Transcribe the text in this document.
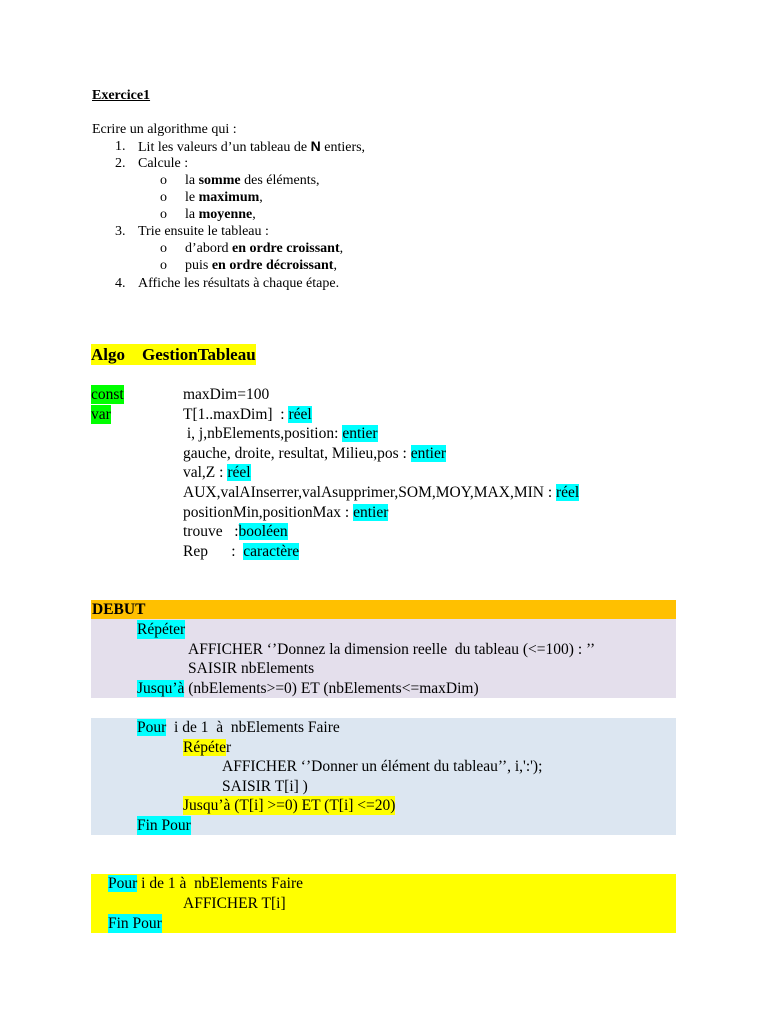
Exercice1
Ecrire un algorithme qui :
1. Lit les valeurs d’un tableau de N entiers,
2. Calcule :
o la somme des éléments,
o le maximum,
o la moyenne,
3. Trie ensuite le tableau :
o d’abord en ordre croissant,
o puis en ordre décroissant,
4. Affiche les résultats à chaque étape.
Algo    GestionTableau
const	maxDim=100
var	T[1..maxDim]  : réel
i, j,nbElements,position: entier
gauche, droite, resultat, Milieu,pos : entier
val,Z : réel
AUX,valAInserrer,valAsupprimer,SOM,MOY,MAX,MIN : réel
positionMin,positionMax : entier
trouve   :booléen
Rep      :  caractère
DEBUT
Répéter
AFFICHER ‘’Donnez la dimension reelle  du tableau (<=100) : ’’
SAISIR nbElements
Jusqu’à (nbElements>=0) ET (nbElements<=maxDim)
Pour  i de 1  à  nbElements Faire
Répéter
AFFICHER ‘’Donner un élément du tableau’’, i,':');
SAISIR T[i] )
Jusqu’à (T[i] >=0) ET (T[i] <=20)
Fin Pour
Pour i de 1 à  nbElements Faire
AFFICHER T[i]
Fin Pour
